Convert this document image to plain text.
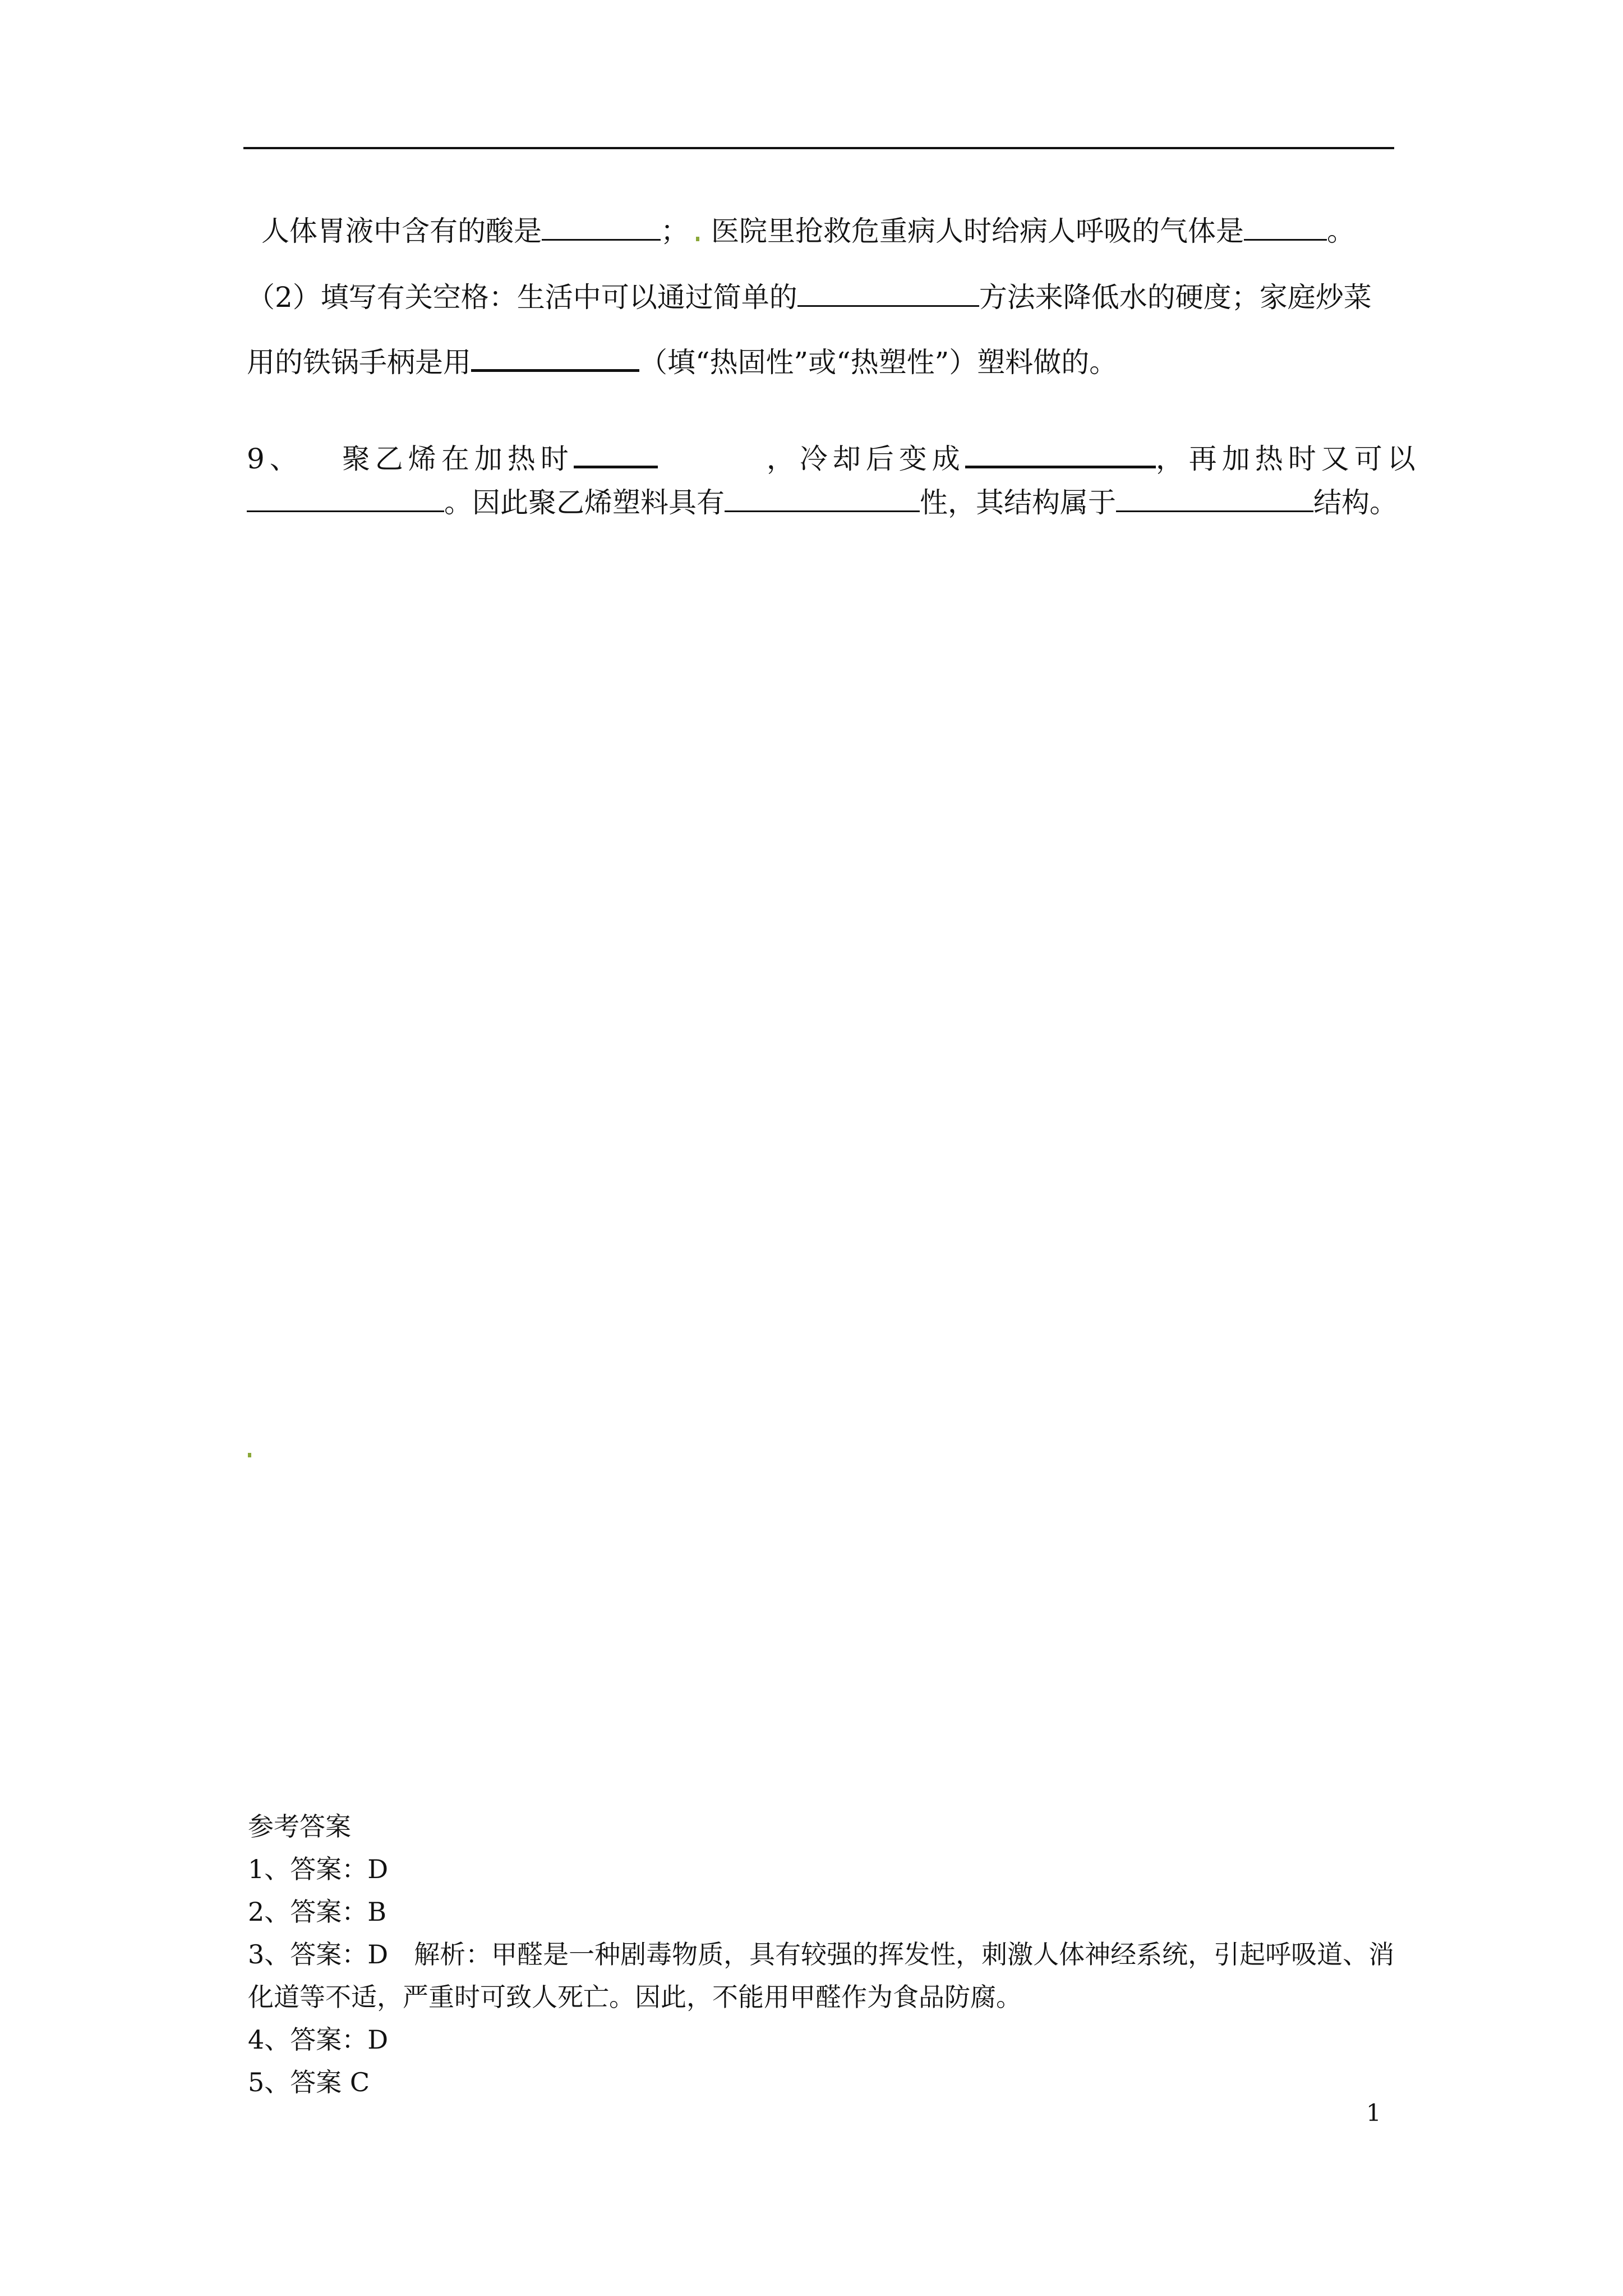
人体胃液中含有的酸是	； 医院里抢救危重病人时给病人呼吸的气体是	。
（2）填写有关空格：生活中可以通过简单的	方法来降低水的硬度；家庭炒菜
用的铁锅手柄是用	（填“热固性”或“热塑性”）塑料做的。
9、 聚乙烯在加热时	，冷却后变成	，再加热时又可以
。因此聚乙烯塑料具有	性，其结构属于	结构。
参考答案
1、答案：D
2、答案：B
3、答案：D　解析：甲醛是一种剧毒物质，具有较强的挥发性，刺激人体神经系统，引起呼吸道、消化道等不适，严重时可致人死亡。因此，不能用甲醛作为食品防腐。
4、答案：D
5、答案 C
1
